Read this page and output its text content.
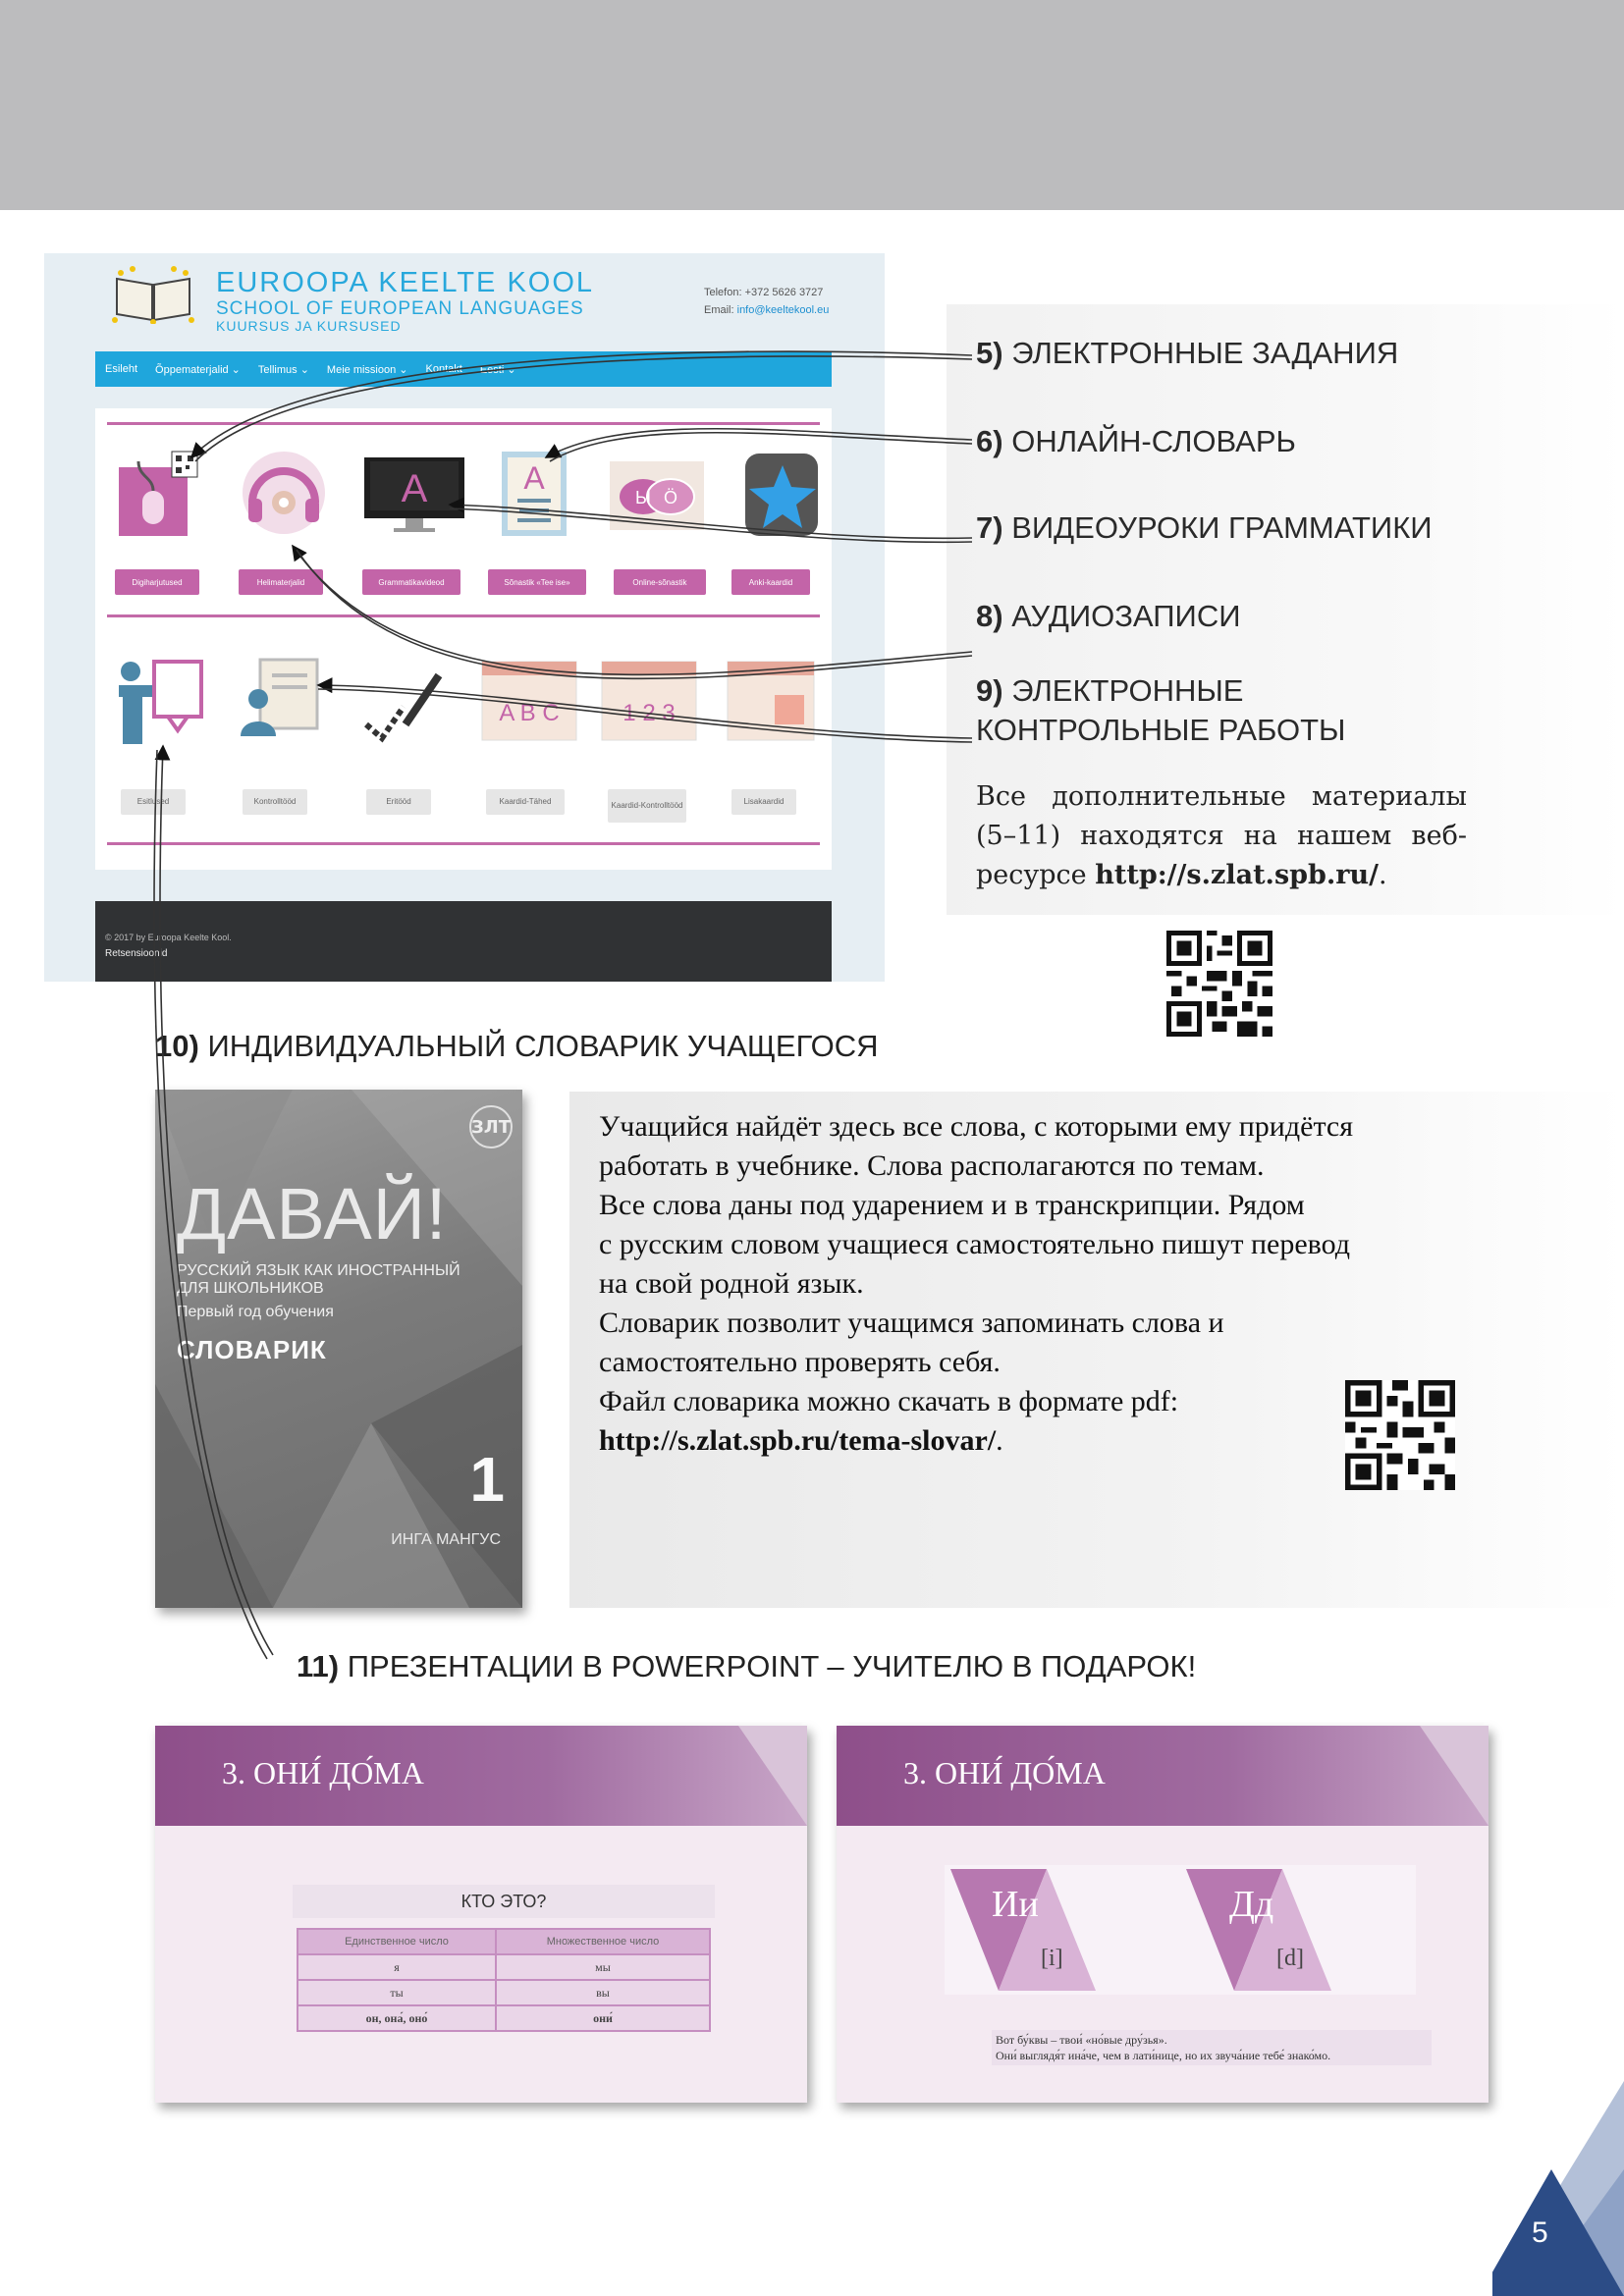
EUROOPA KEELTE KOOL
SCHOOL OF EUROPEAN LANGUAGES
KUURSUS JA KURSUSED
Telefon: +372 5626 3727
Email: info@keeltekool.eu
Esileht Õppematerjalid ⌄ Tellimus ⌄ Meie missioon ⌄ Kontakt Eesti ⌄
A	A
Ы Ö
Digiharjutused	Helimaterjalid	Grammatikavideod	Sõnastik «Tee ise»	Online-sõnastik	Anki-kaardid
A B C	1 2 3
Esitlused	Kontrolltööd	Eritööd	Kaardid-Tähed	Kaardid-Kontrolltööd	Lisakaardid
© 2017 by Euroopa Keelte Kool.
Retsensioonid
5) ЭЛЕКТРОННЫЕ ЗАДАНИЯ
6) ОНЛАЙН-СЛОВАРЬ
7) ВИДЕОУРОКИ ГРАММАТИКИ
8) АУДИОЗАПИСИ
9) ЭЛЕКТРОННЫЕ
КОНТРОЛЬНЫЕ РАБОТЫ
Все дополнительные материалы (5–11) находятся на нашем веб-ресурсе http://s.zlat.spb.ru/.
10) ИНДИВИДУАЛЬНЫЙ СЛОВАРИК УЧАЩЕГОСЯ
ЗЛТ
ДАВАЙ!
РУССКИЙ ЯЗЫК КАК ИНОСТРАННЫЙ ДЛЯ ШКОЛЬНИКОВ
Первый год обучения
СЛОВАРИК
1
ИНГА МАНГУС
Учащийся найдёт здесь все слова, с которыми ему придётся
работать в учебнике. Слова располагаются по темам.
Все слова даны под ударением и в транскрипции. Рядом
с русским словом учащиеся самостоятельно пишут перевод
на свой родной язык.
Словарик позволит учащимся запоминать слова и
самостоятельно проверять себя.
Файл словарика можно скачать в формате pdf:
http://s.zlat.spb.ru/tema-slovar/.
11) ПРЕЗЕНТАЦИИ В POWERPOINT – УЧИТЕЛЮ В ПОДАРОК!
3. ОНИ́ ДО́МА
КТО ЭТО?
Единственное число	Множественное число
я	мы
ты	вы
он, она́, оно́	они́
3. ОНИ́ ДО́МА
Ии
[i]
Дд
[d]
Вот бу́квы – твои́ «но́вые дру́зья».
Они́ выглядя́т ина́че, чем в лати́нице, но их звуча́ние тебе́ знако́мо.
5
